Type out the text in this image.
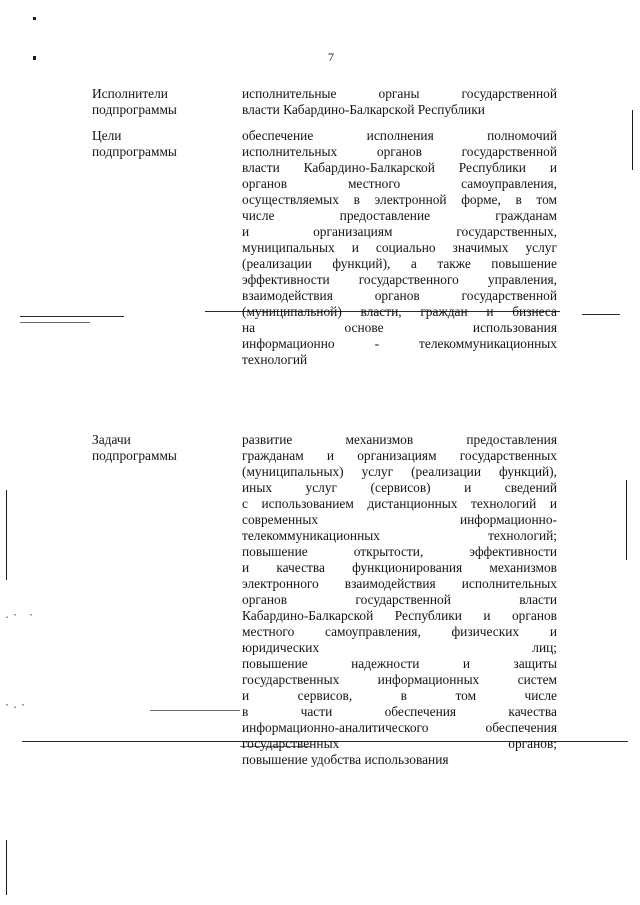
.· ·
·.·
7
Исполнители
подпрограммы
исполнительные органы государственной
власти Кабардино-Балкарской Республики
Цели
подпрограммы
обеспечение исполнения полномочий
исполнительных органов государственной
власти Кабардино-Балкарской Республики и
органов местного самоуправления,
осуществляемых в электронной форме, в том
числе предоставление гражданам
и организациям государственных,
муниципальных и социально значимых услуг
(реализации функций), а также повышение
эффективности государственного управления,
взаимодействия органов государственной
(муниципальной) власти, граждан и бизнеса
на основе использования
информационно - телекоммуникационных
технологий
Задачи
подпрограммы
развитие механизмов предоставления
гражданам и организациям государственных
(муниципальных) услуг (реализации функций),
иных услуг (сервисов) и сведений
с использованием дистанционных технологий и
современных информационно-
телекоммуникационных технологий;
повышение открытости, эффективности
и качества функционирования механизмов
электронного взаимодействия исполнительных
органов государственной власти
Кабардино-Балкарской Республики и органов
местного самоуправления, физических и
юридических лиц;
повышение надежности и защиты
государственных информационных систем
и сервисов, в том числе
в части обеспечения качества
информационно-аналитического обеспечения
государственных органов;
повышение удобства использования
